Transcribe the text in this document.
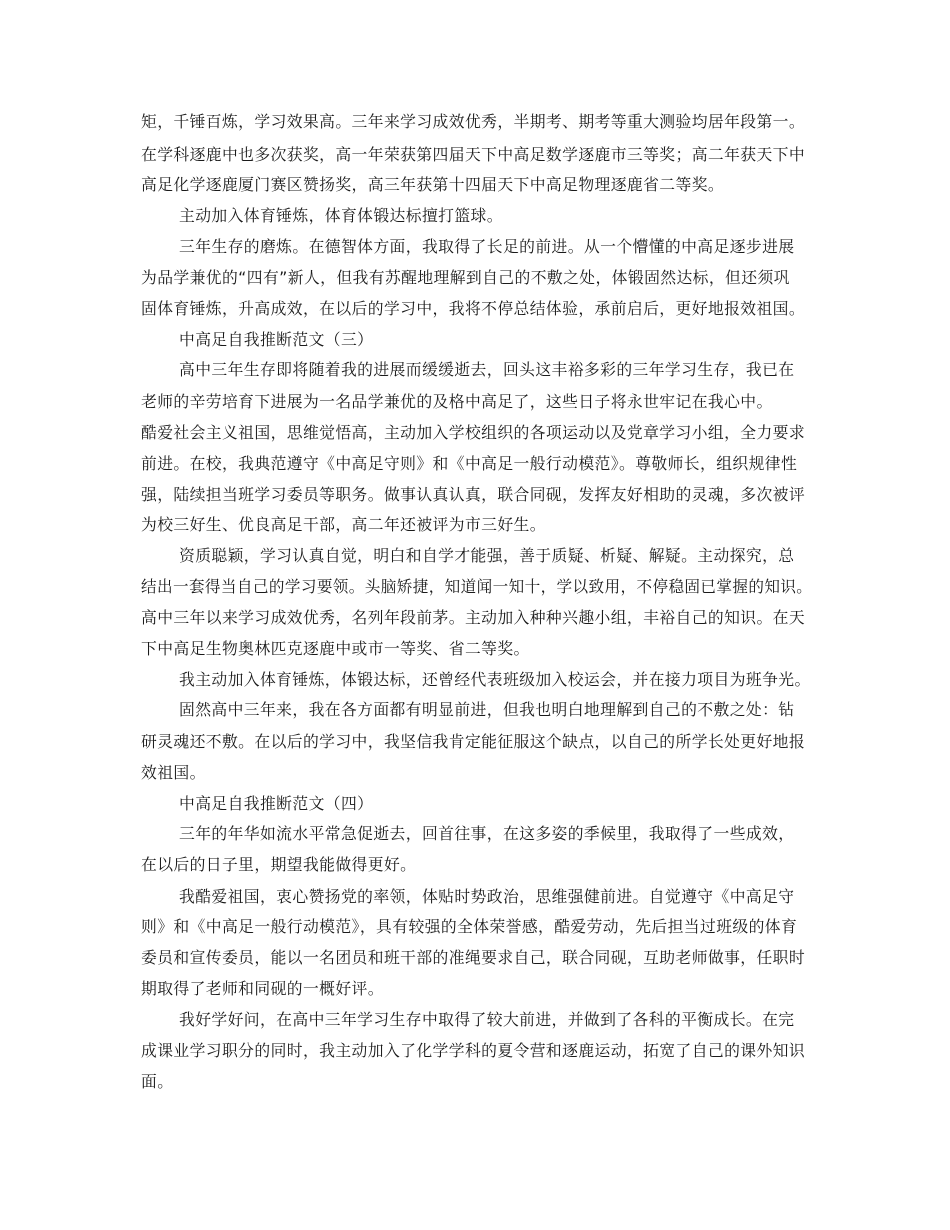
矩，千锤百炼，学习效果高。三年来学习成效优秀，半期考、期考等重大测验均居年段第一。
在学科逐鹿中也多次获奖，高一年荣获第四届天下中高足数学逐鹿市三等奖；高二年获天下中
高足化学逐鹿厦门赛区赞扬奖，高三年获第十四届天下中高足物理逐鹿省二等奖。
主动加入体育锤炼，体育体锻达标擅打篮球。
三年生存的磨炼。在德智体方面，我取得了长足的前进。从一个懵懂的中高足逐步进展
为品学兼优的“四有”新人，但我有苏醒地理解到自己的不敷之处，体锻固然达标，但还须巩
固体育锤炼，升高成效，在以后的学习中，我将不停总结体验，承前启后，更好地报效祖国。
中高足自我推断范文（三）
高中三年生存即将随着我的进展而缓缓逝去，回头这丰裕多彩的三年学习生存，我已在
老师的辛劳培育下进展为一名品学兼优的及格中高足了，这些日子将永世牢记在我心中。
酷爱社会主义祖国，思维觉悟高，主动加入学校组织的各项运动以及党章学习小组，全力要求
前进。在校，我典范遵守《中高足守则》和《中高足一般行动模范》。尊敬师长，组织规律性
强，陆续担当班学习委员等职务。做事认真认真，联合同砚，发挥友好相助的灵魂，多次被评
为校三好生、优良高足干部，高二年还被评为市三好生。
资质聪颖，学习认真自觉，明白和自学才能强，善于质疑、析疑、解疑。主动探究，总
结出一套得当自己的学习要领。头脑矫捷，知道闻一知十，学以致用，不停稳固已掌握的知识。
高中三年以来学习成效优秀，名列年段前茅。主动加入种种兴趣小组，丰裕自己的知识。在天
下中高足生物奥林匹克逐鹿中或市一等奖、省二等奖。
我主动加入体育锤炼，体锻达标，还曾经代表班级加入校运会，并在接力项目为班争光。
固然高中三年来，我在各方面都有明显前进，但我也明白地理解到自己的不敷之处：钻
研灵魂还不敷。在以后的学习中，我坚信我肯定能征服这个缺点，以自己的所学长处更好地报
效祖国。
中高足自我推断范文（四）
三年的年华如流水平常急促逝去，回首往事，在这多姿的季候里，我取得了一些成效，
在以后的日子里，期望我能做得更好。
我酷爱祖国，衷心赞扬党的率领，体贴时势政治，思维强健前进。自觉遵守《中高足守
则》和《中高足一般行动模范》，具有较强的全体荣誉感，酷爱劳动，先后担当过班级的体育
委员和宣传委员，能以一名团员和班干部的准绳要求自己，联合同砚，互助老师做事，任职时
期取得了老师和同砚的一概好评。
我好学好问，在高中三年学习生存中取得了较大前进，并做到了各科的平衡成长。在完
成课业学习职分的同时，我主动加入了化学学科的夏令营和逐鹿运动，拓宽了自己的课外知识
面。
